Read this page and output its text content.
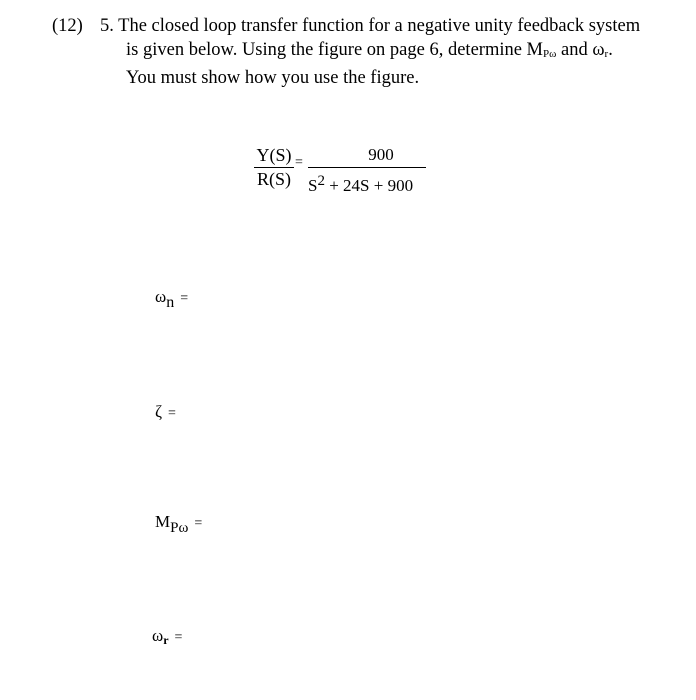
(12) 5. The closed loop transfer function for a negative unity feedback system
is given below. Using the figure on page 6, determine $M_{P\omega}$ and $\omega_r$.
You must show how you use the figure.
$\frac{Y(S)}{R(S)} = \frac{900}{S^2 + 24S + 900}$
ωn =
ζ =
MPω =
$\omega_r$ =
